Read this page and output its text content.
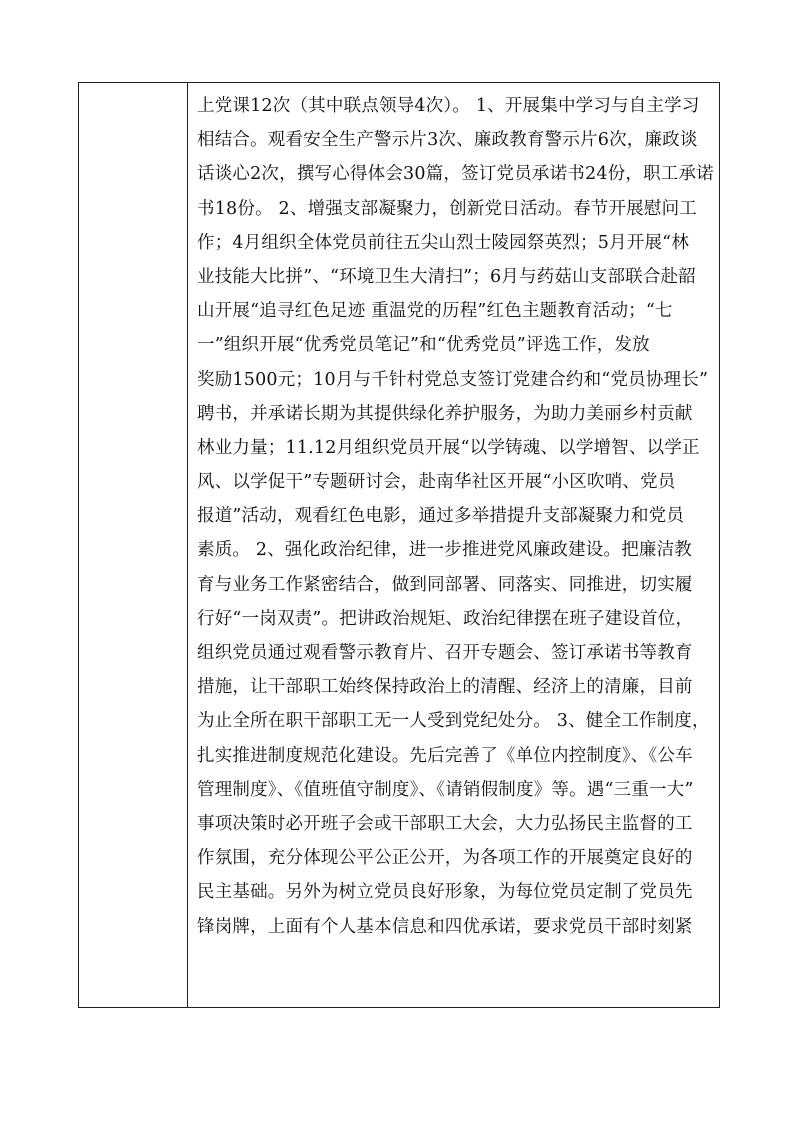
上党课12次（其中联点领导4次）。 1、开展集中学习与自主学习
相结合。观看安全生产警示片3次、廉政教育警示片6次，廉政谈
话谈心2次，撰写心得体会30篇，签订党员承诺书24份，职工承诺
书18份。 2、增强支部凝聚力，创新党日活动。春节开展慰问工
作；4月组织全体党员前往五尖山烈士陵园祭英烈；5月开展“林
业技能大比拼”、“环境卫生大清扫”；6月与药菇山支部联合赴韶
山开展“追寻红色足迹 重温党的历程”红色主题教育活动；“七
一”组织开展“优秀党员笔记”和“优秀党员”评选工作，发放
奖励1500元；10月与千针村党总支签订党建合约和“党员协理长”
聘书，并承诺长期为其提供绿化养护服务，为助力美丽乡村贡献
林业力量；11.12月组织党员开展“以学铸魂、以学增智、以学正
风、以学促干”专题研讨会，赴南华社区开展“小区吹哨、党员
报道”活动，观看红色电影，通过多举措提升支部凝聚力和党员
素质。 2、强化政治纪律，进一步推进党风廉政建设。把廉洁教
育与业务工作紧密结合，做到同部署、同落实、同推进，切实履
行好“一岗双责”。把讲政治规矩、政治纪律摆在班子建设首位，
组织党员通过观看警示教育片、召开专题会、签订承诺书等教育
措施，让干部职工始终保持政治上的清醒、经济上的清廉，目前
为止全所在职干部职工无一人受到党纪处分。 3、健全工作制度，
扎实推进制度规范化建设。先后完善了《单位内控制度》、《公车
管理制度》、《值班值守制度》、《请销假制度》等。遇“三重一大”
事项决策时必开班子会或干部职工大会，大力弘扬民主监督的工
作氛围，充分体现公平公正公开，为各项工作的开展奠定良好的
民主基础。另外为树立党员良好形象，为每位党员定制了党员先
锋岗牌，上面有个人基本信息和四优承诺，要求党员干部时刻紧
